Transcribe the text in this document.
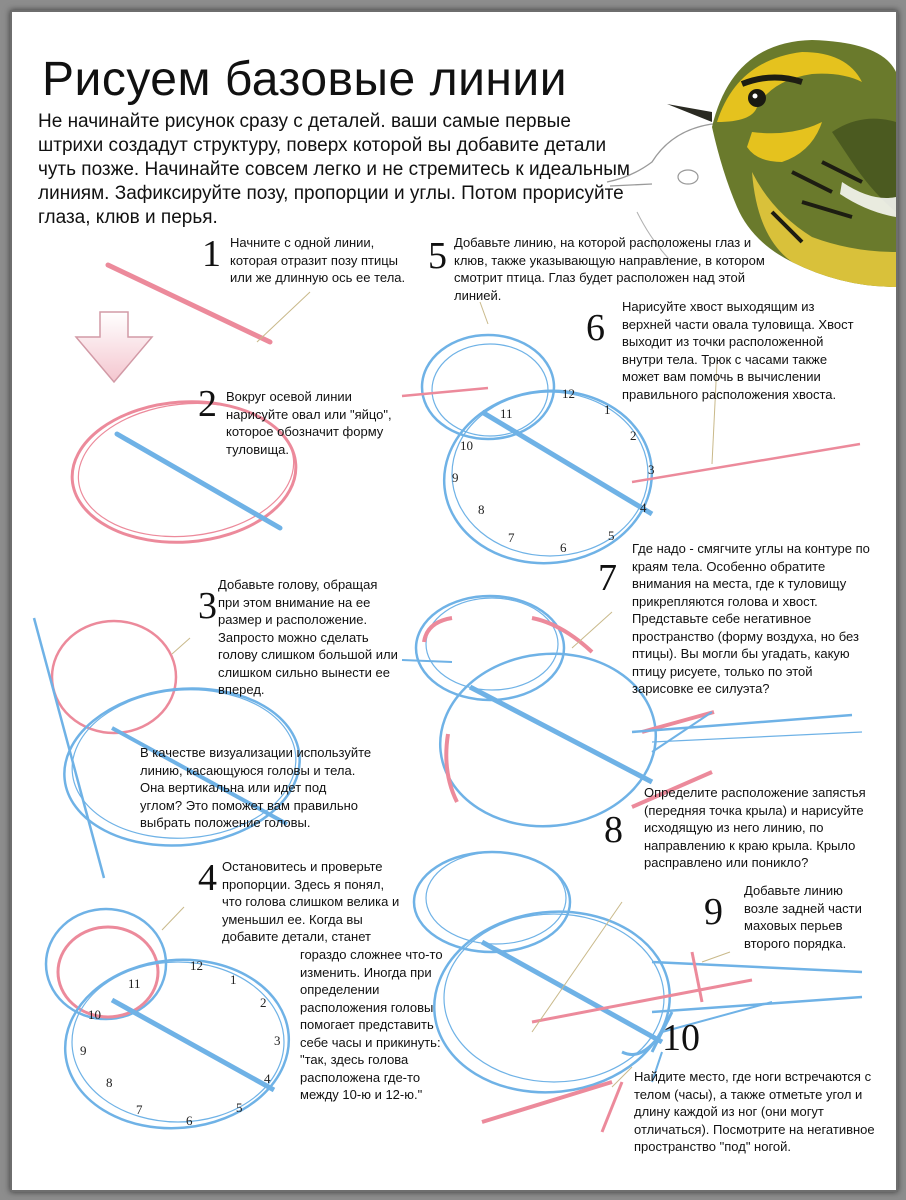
12
1
2
3
4
5
6
7
8
9
10
11
12
1
2
3
4
5
6
7
8
9
10
11
Рисуем базовые линии
Не начинайте рисунок сразу с деталей. ваши самые первые штрихи создадут структуру, поверх которой вы добавите детали чуть позже. Начинайте совсем легко и не стремитесь к идеальным линиям. Зафиксируйте позу, пропорции и углы. Потом прорисуйте глаза, клюв и перья.
1 Начните с одной линии, которая отразит позу птицы или же длинную ось ее тела.
2 Вокруг осевой линии нарисуйте овал или "яйцо", которое обозначит форму туловища.
3
Добавьте голову, обращая при этом внимание на ее размер и расположение. Запросто можно сделать голову слишком большой или слишком сильно вынести ее вперед.
В качестве визуализации используйте линию, касающуюся головы и тела. Она вертикальна или идет под углом? Это поможет вам правильно выбрать положение головы.
4 Остановитесь и проверьте пропорции. Здесь я понял, что голова слишком велика и уменьшил ее. Когда вы добавите детали, станет
гораздо сложнее что-то изменить. Иногда при определении расположения головы помогает представить себе часы и прикинуть: "так, здесь голова расположена где-то между 10-ю и 12-ю."
5 Добавьте линию, на которой расположены глаз и клюв, также указывающую направление, в котором смотрит птица. Глаз будет расположен над этой линией.
6
Нарисуйте хвост выходящим из верхней части овала туловища. Хвост выходит из точки расположенной внутри тела. Трюк с часами также может вам помочь в вычислении правильного расположения хвоста.
7
Где надо - смягчите углы на контуре по краям тела. Особенно обратите внимания на места, где к туловищу прикрепляются голова и хвост. Представьте себе негативное пространство (форму воздуха, но без птицы). Вы могли бы угадать, какую птицу рисуете, только по этой зарисовке ее силуэта?
8
Определите расположение запястья (передняя точка крыла) и нарисуйте исходящую из него линию, по направлению к краю крыла. Крыло расправлено или поникло?
9
Добавьте линию возле задней части маховых перьев второго порядка.
10
Найдите место, где ноги встречаются с телом (часы), а также отметьте угол и длину каждой из ног (они могут отличаться). Посмотрите на негативное пространство "под" ногой.
